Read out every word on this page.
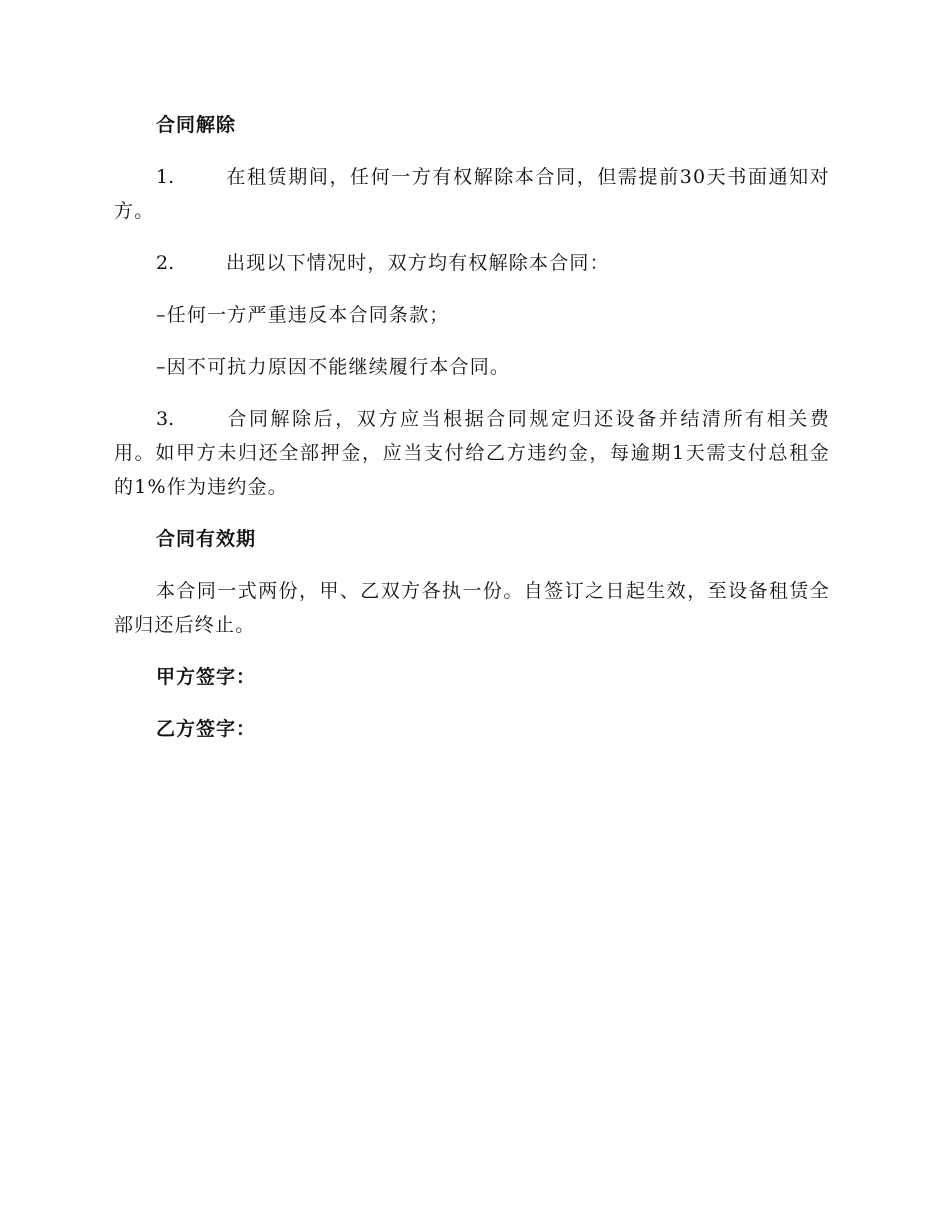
合同解除

1.	在租赁期间，任何一方有权解除本合同，但需提前30天书面通知对方。

2.	出现以下情况时，双方均有权解除本合同：

–任何一方严重违反本合同条款；

–因不可抗力原因不能继续履行本合同。

3.	合同解除后，双方应当根据合同规定归还设备并结清所有相关费用。如甲方未归还全部押金，应当支付给乙方违约金，每逾期1天需支付总租金的1%作为违约金。

合同有效期

本合同一式两份，甲、乙双方各执一份。自签订之日起生效，至设备租赁全部归还后终止。

甲方签字：

乙方签字：
